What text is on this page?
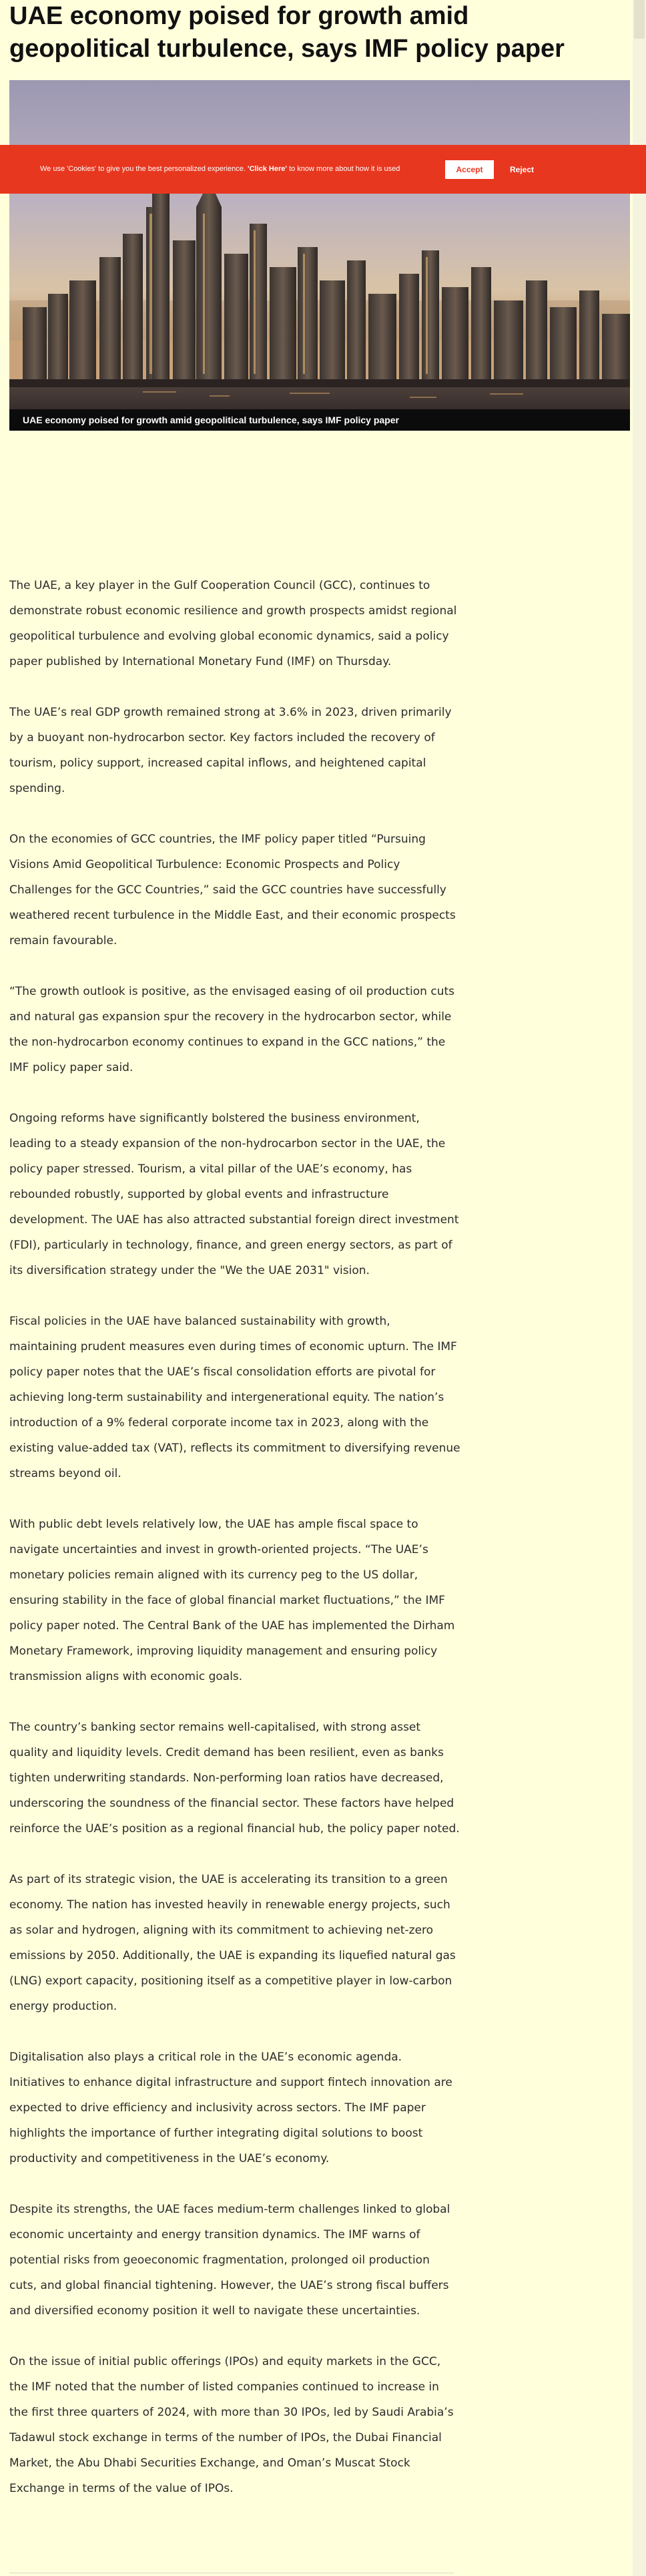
UAE economy poised for growth amid geopolitical turbulence, says IMF policy paper
UAE economy poised for growth amid geopolitical turbulence, says IMF policy paper
We use 'Cookies' to give you the best personalized experience. 'Click Here' to know more about how it is used	Accept	Reject

The UAE, a key player in the Gulf Cooperation Council (GCC), continues to demonstrate robust economic resilience and growth prospects amidst regional geopolitical turbulence and evolving global economic dynamics, said a policy paper published by International Monetary Fund (IMF) on Thursday.

The UAE’s real GDP growth remained strong at 3.6% in 2023, driven primarily by a buoyant non-hydrocarbon sector. Key factors included the recovery of tourism, policy support, increased capital inflows, and heightened capital spending.

On the economies of GCC countries, the IMF policy paper titled “Pursuing Visions Amid Geopolitical Turbulence: Economic Prospects and Policy Challenges for the GCC Countries,” said the GCC countries have successfully weathered recent turbulence in the Middle East, and their economic prospects remain favourable.

“The growth outlook is positive, as the envisaged easing of oil production cuts and natural gas expansion spur the recovery in the hydrocarbon sector, while the non-hydrocarbon economy continues to expand in the GCC nations,” the IMF policy paper said.

Ongoing reforms have significantly bolstered the business environment, leading to a steady expansion of the non-hydrocarbon sector in the UAE, the policy paper stressed. Tourism, a vital pillar of the UAE’s economy, has rebounded robustly, supported by global events and infrastructure development. The UAE has also attracted substantial foreign direct investment (FDI), particularly in technology, finance, and green energy sectors, as part of its diversification strategy under the "We the UAE 2031" vision.

Fiscal policies in the UAE have balanced sustainability with growth, maintaining prudent measures even during times of economic upturn. The IMF policy paper notes that the UAE’s fiscal consolidation efforts are pivotal for achieving long-term sustainability and intergenerational equity. The nation’s introduction of a 9% federal corporate income tax in 2023, along with the existing value-added tax (VAT), reflects its commitment to diversifying revenue streams beyond oil.

With public debt levels relatively low, the UAE has ample fiscal space to navigate uncertainties and invest in growth-oriented projects. “The UAE’s monetary policies remain aligned with its currency peg to the US dollar, ensuring stability in the face of global financial market fluctuations,” the IMF policy paper noted. The Central Bank of the UAE has implemented the Dirham Monetary Framework, improving liquidity management and ensuring policy transmission aligns with economic goals.

The country’s banking sector remains well-capitalised, with strong asset quality and liquidity levels. Credit demand has been resilient, even as banks tighten underwriting standards. Non-performing loan ratios have decreased, underscoring the soundness of the financial sector. These factors have helped reinforce the UAE’s position as a regional financial hub, the policy paper noted.

As part of its strategic vision, the UAE is accelerating its transition to a green economy. The nation has invested heavily in renewable energy projects, such as solar and hydrogen, aligning with its commitment to achieving net-zero emissions by 2050. Additionally, the UAE is expanding its liquefied natural gas (LNG) export capacity, positioning itself as a competitive player in low-carbon energy production.

Digitalisation also plays a critical role in the UAE’s economic agenda. Initiatives to enhance digital infrastructure and support fintech innovation are expected to drive efficiency and inclusivity across sectors. The IMF paper highlights the importance of further integrating digital solutions to boost productivity and competitiveness in the UAE’s economy.

Despite its strengths, the UAE faces medium-term challenges linked to global economic uncertainty and energy transition dynamics. The IMF warns of potential risks from geoeconomic fragmentation, prolonged oil production cuts, and global financial tightening. However, the UAE’s strong fiscal buffers and diversified economy position it well to navigate these uncertainties.

On the issue of initial public offerings (IPOs) and equity markets in the GCC, the IMF noted that the number of listed companies continued to increase in the first three quarters of 2024, with more than 30 IPOs, led by Saudi Arabia’s Tadawul stock exchange in terms of the number of IPOs, the Dubai Financial Market, the Abu Dhabi Securities Exchange, and Oman’s Muscat Stock Exchange in terms of the value of IPOs.
